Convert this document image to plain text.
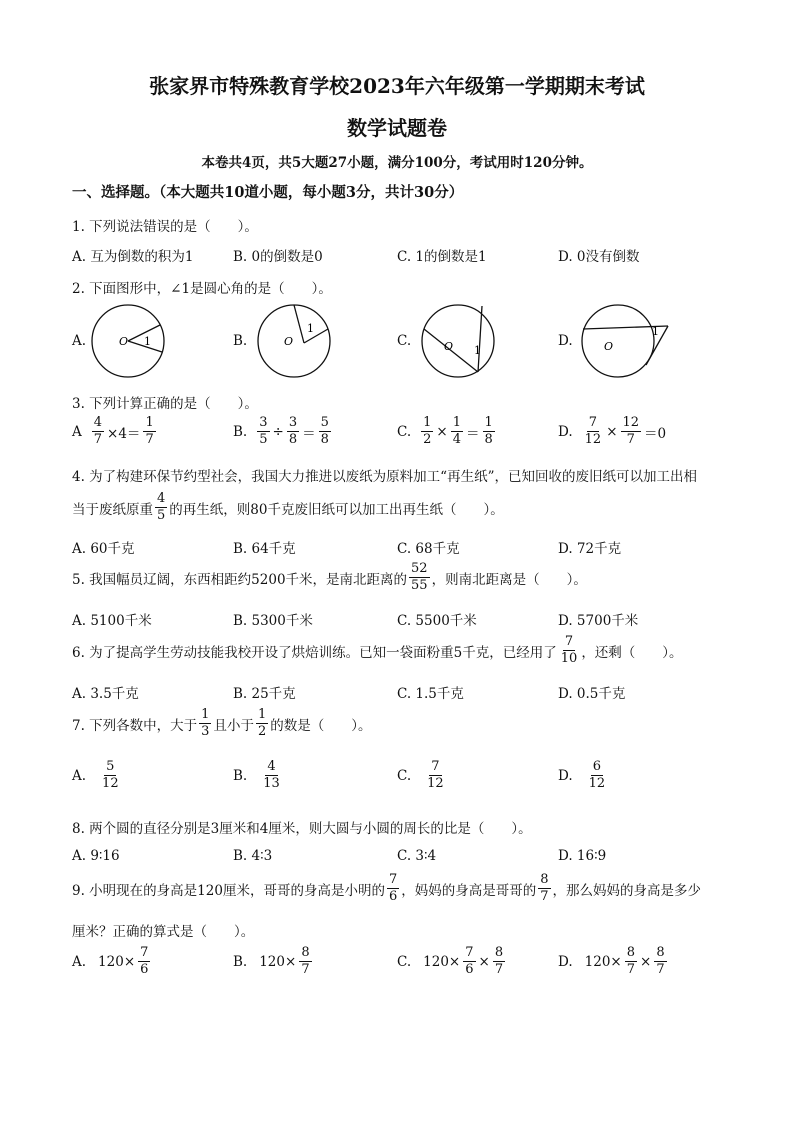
张家界市特殊教育学校2023年六年级第一学期期末考试
数学试题卷
本卷共4页，共5大题27小题，满分100分，考试用时120分钟。
一、选择题。（本大题共10道小题，每小题3分，共计30分）
1. 下列说法错误的是（　　）。
A. 互为倒数的积为1	B. 0的倒数是0	C. 1的倒数是1	D. 0没有倒数
2. 下面图形中，∠1是圆心角的是（　　）。
A.	O 1	B.	O
1
C.	O 1
D.	O
1
3. 下列计算正确的是（　　）。
A $\frac{4}{7} \times 4= \frac{1}{7}$	B. $\frac{3}{5} \div \frac{3}{8} = \frac{5}{8}$	C. $\frac{1}{2} \times \frac{1}{4} = \frac{1}{8}$	D. $\frac{7}{12} \times \frac{12}{7} =0$
4. 为了构建环保节约型社会，我国大力推进以废纸为原料加工“再生纸”，已知回收的废旧纸可以加工出相
当于废纸原重 $\frac{4}{5}$ 的再生纸，则80千克废旧纸可以加工出再生纸（　　）。
A. 60千克	B. 64千克	C. 68千克	D. 72千克
5. 我国幅员辽阔，东西相距约5200千米，是南北距离的 $\frac{52}{55}$ ，则南北距离是（　　）。
A. 5100千米	B. 5300千米	C. 5500千米	D. 5700千米
6. 为了提高学生劳动技能我校开设了烘焙训练。已知一袋面粉重5千克，已经用了 $\frac{7}{10}$ ，还剩（　　）。
A. 3.5千克	B. 25千克	C. 1.5千克	D. 0.5千克
7. 下列各数中，大于 $\frac{1}{3}$ 且小于 $\frac{1}{2}$ 的数是（　　）。
A. $\frac{5}{12}$	B. $\frac{4}{13}$	C. $\frac{7}{12}$	D. $\frac{6}{12}$
8. 两个圆的直径分别是3厘米和4厘米，则大圆与小圆的周长的比是（　　）。
A. 9∶16	B. 4∶3	C. 3∶4	D. 16∶9
9. 小明现在的身高是120厘米，哥哥的身高是小明的 $\frac{7}{6}$ ，妈妈的身高是哥哥的 $\frac{8}{7}$ ，那么妈妈的身高是多少
厘米？正确的算式是（　　）。
A. $120\times \frac{7}{6}$	B. $120\times \frac{8}{7}$	C. $120\times \frac{7}{6} \times \frac{8}{7}$	D. $120\times \frac{8}{7} \times \frac{8}{7}$
